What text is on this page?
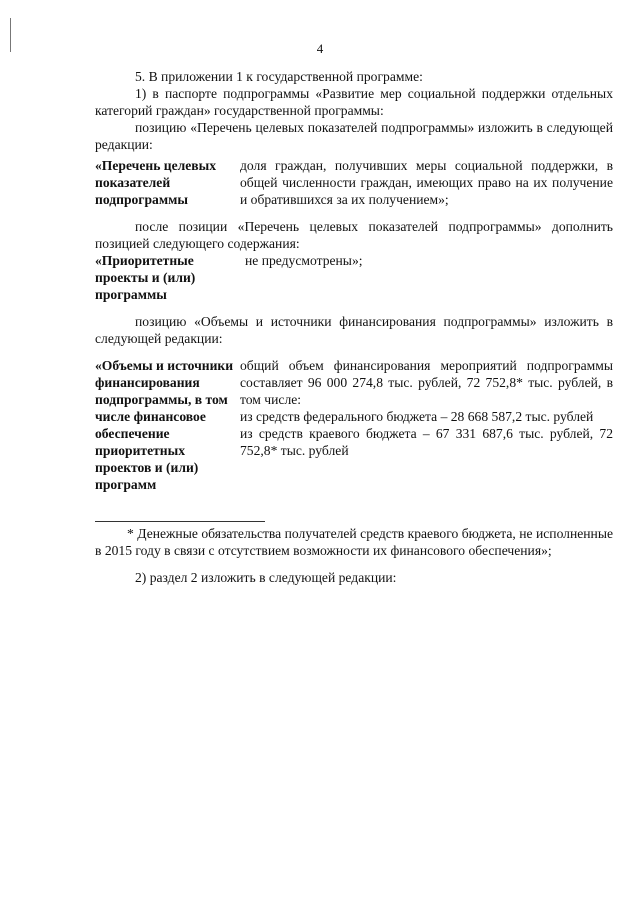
4

5. В приложении 1 к государственной программе:

1) в паспорте подпрограммы «Развитие мер социальной поддержки отдельных категорий граждан» государственной программы:

позицию «Перечень целевых показателей подпрограммы» изложить в следующей редакции:

«Перечень целевых показателей подпрограммы
доля граждан, получивших меры социальной поддержки, в общей численности граждан, имеющих право на их получение и обратившихся за их получением»;

после позиции «Перечень целевых показателей подпрограммы» дополнить позицией следующего содержания:

«Приоритетные проекты и (или) программы
не предусмотрены»;

позицию «Объемы и источники финансирования подпрограммы» изложить в следующей редакции:

«Объемы и источники финансирования подпрограммы, в том числе финансовое обеспечение приоритетных проектов и (или) программ

общий объем финансирования мероприятий подпрограммы составляет 96 000 274,8 тыс. рублей, 72 752,8* тыс. рублей, в том числе:

из средств федерального бюджета – 28 668 587,2 тыс. рублей

из средств краевого бюджета – 67 331 687,6 тыс. рублей, 72 752,8* тыс. рублей

* Денежные обязательства получателей средств краевого бюджета, не исполненные в 2015 году в связи с отсутствием возможности их финансового обеспечения»;

2) раздел 2 изложить в следующей редакции:
